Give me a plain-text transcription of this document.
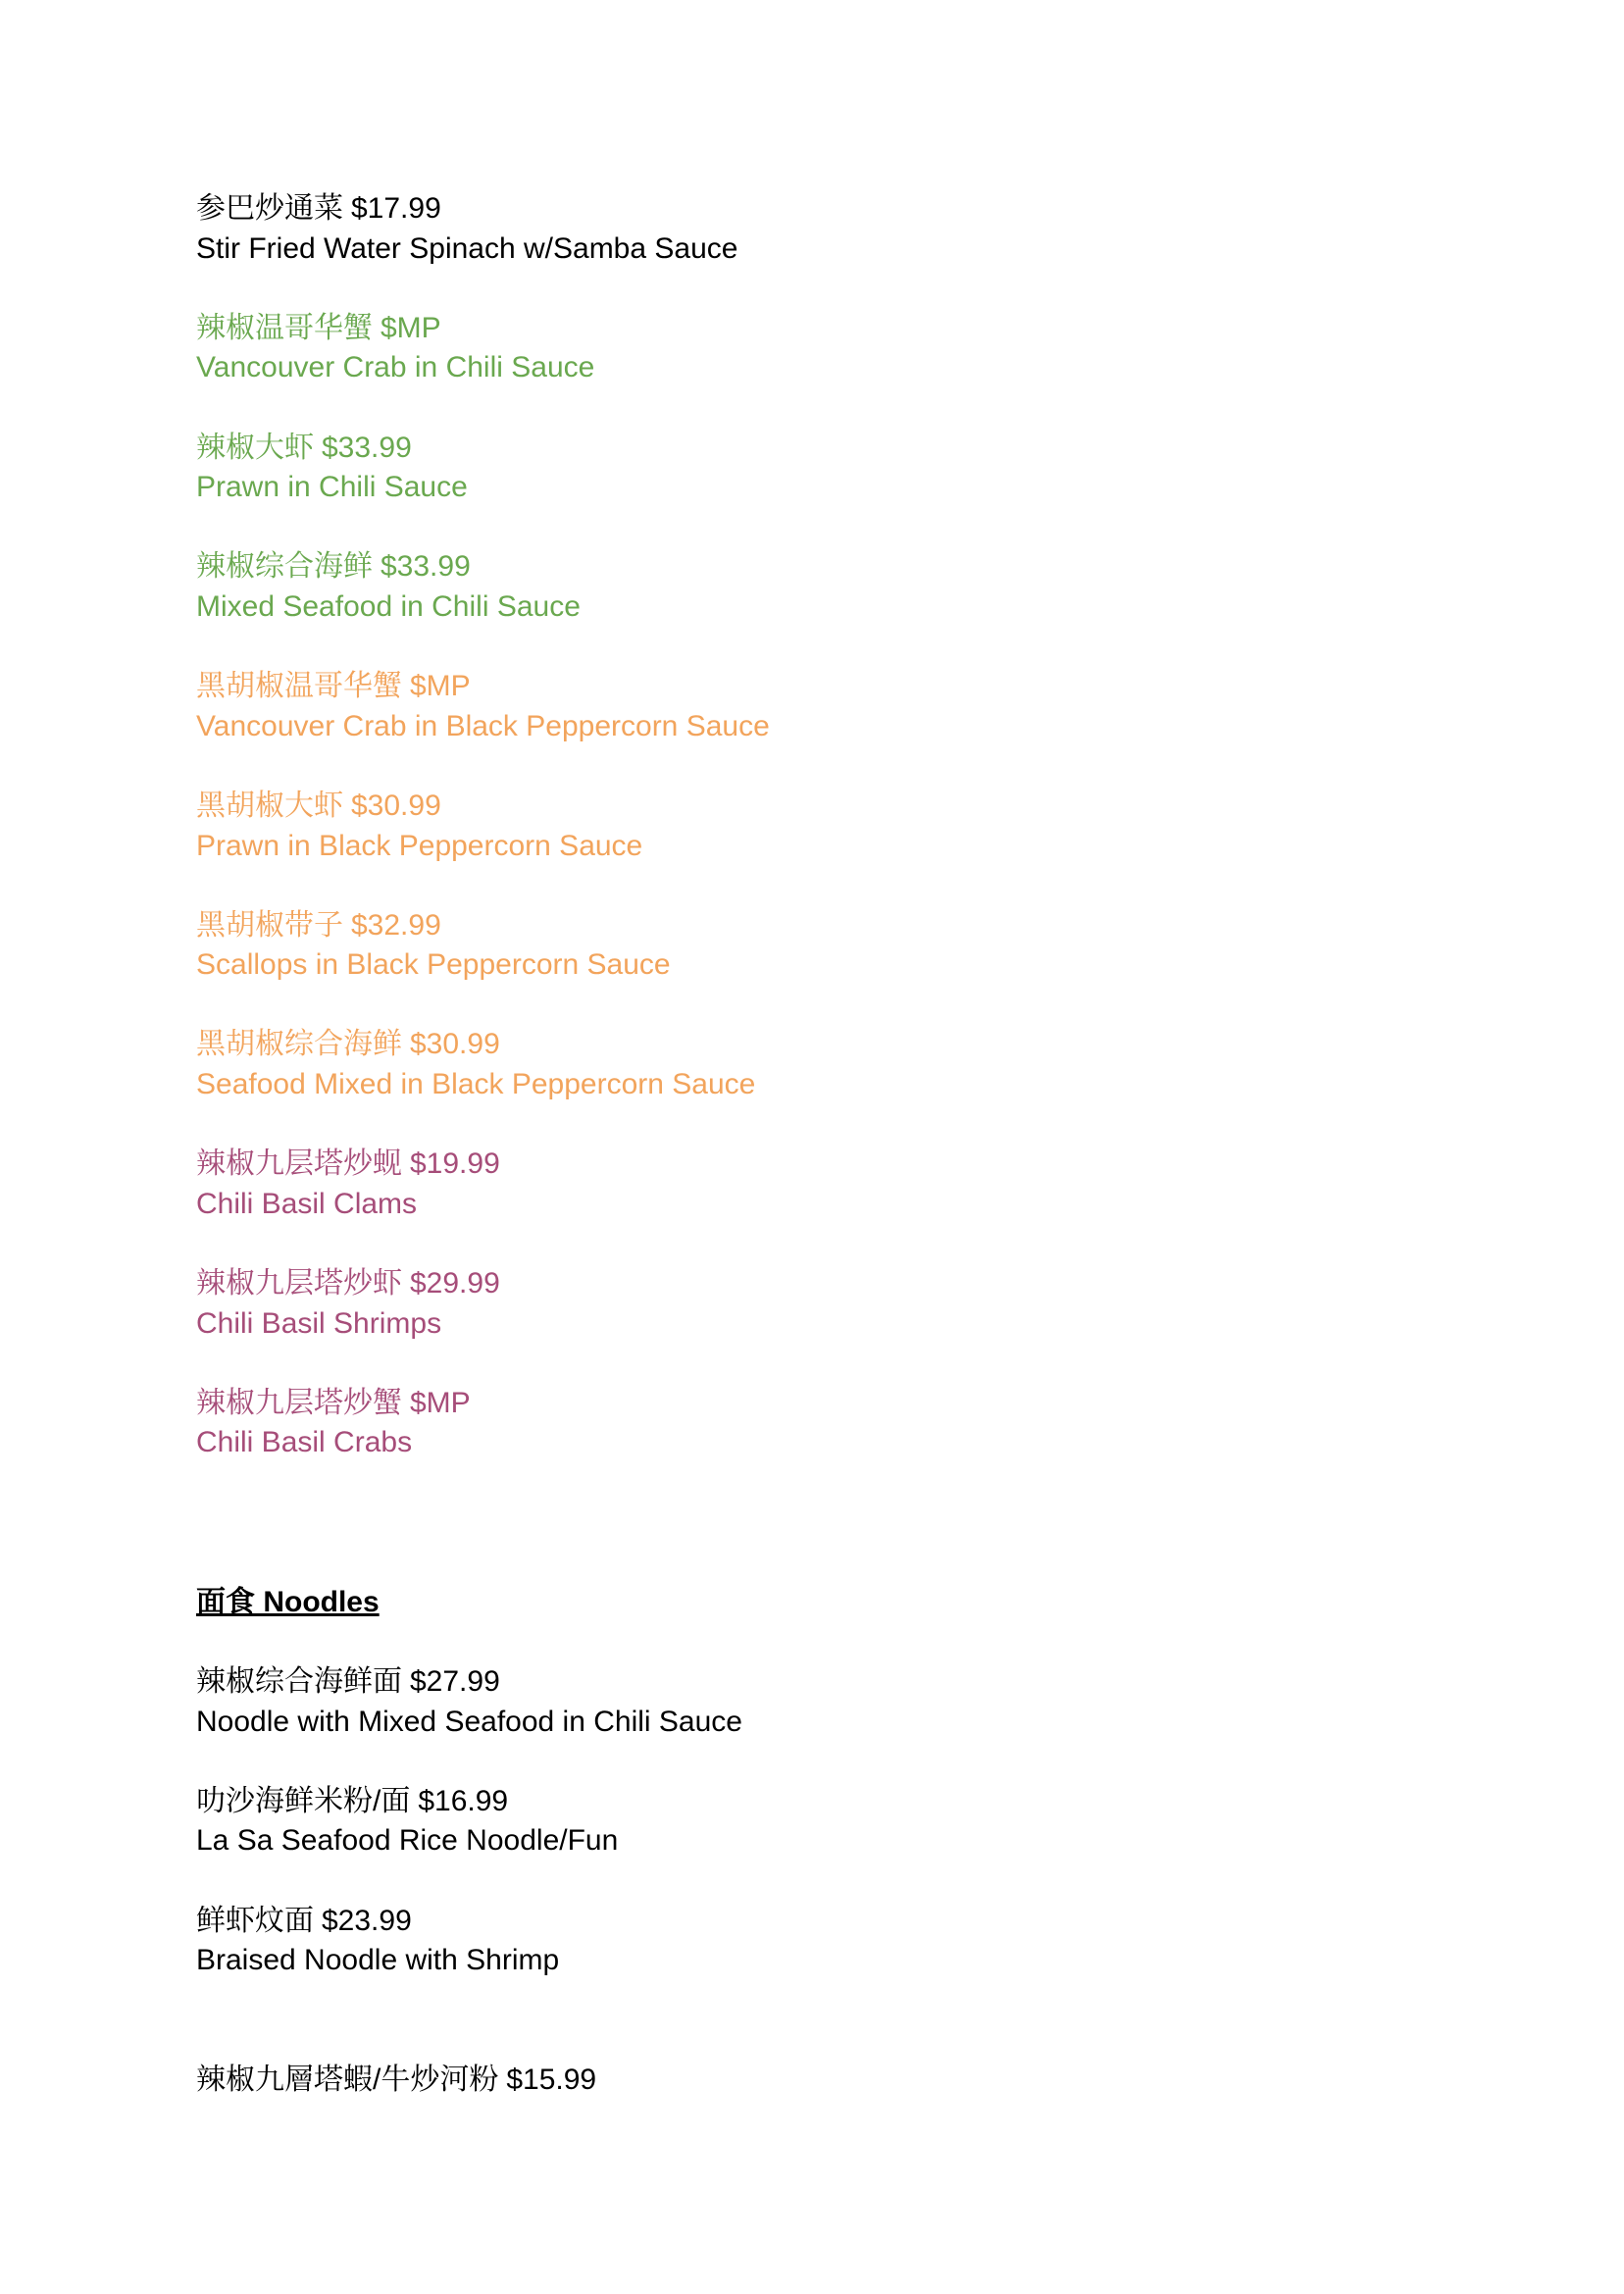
参巴炒通菜 $17.99
Stir Fried Water Spinach w/Samba Sauce
辣椒温哥华蟹 $MP
Vancouver Crab in Chili Sauce
辣椒大虾 $33.99
Prawn in Chili Sauce
辣椒综合海鲜 $33.99
Mixed Seafood in Chili Sauce
黑胡椒温哥华蟹 $MP
Vancouver Crab in Black Peppercorn Sauce
黑胡椒大虾 $30.99
Prawn in Black Peppercorn Sauce
黑胡椒带子 $32.99
Scallops in Black Peppercorn Sauce
黑胡椒综合海鲜 $30.99
Seafood Mixed in Black Peppercorn Sauce
辣椒九层塔炒蚬 $19.99
Chili Basil Clams
辣椒九层塔炒虾 $29.99
Chili Basil Shrimps
辣椒九层塔炒蟹 $MP
Chili Basil Crabs
面食 Noodles
辣椒综合海鲜面 $27.99
Noodle with Mixed Seafood in Chili Sauce
叻沙海鲜米粉/面 $16.99
La Sa Seafood Rice Noodle/Fun
鲜虾炆面 $23.99
Braised Noodle with Shrimp
辣椒九層塔蝦/牛炒河粉 $15.99
